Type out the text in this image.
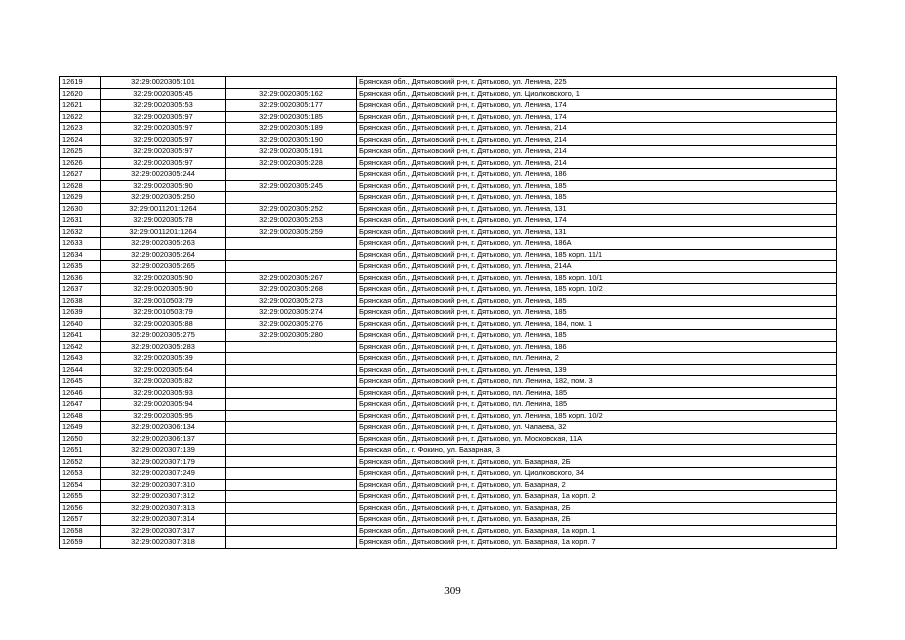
12619	32:29:0020305:101		Брянская обл., Дятьковский р-н, г. Дятьково, ул. Ленина, 225
12620	32:29:0020305:45	32:29:0020305:162	Брянская обл., Дятьковский р-н, г. Дятьково, ул. Циолковского, 1
12621	32:29:0020305:53	32:29:0020305:177	Брянская обл., Дятьковский р-н, г. Дятьково, ул. Ленина, 174
12622	32:29:0020305:97	32:29:0020305:185	Брянская обл., Дятьковский р-н, г. Дятьково, ул. Ленина, 174
12623	32:29:0020305:97	32:29:0020305:189	Брянская обл., Дятьковский р-н, г. Дятьково, ул. Ленина, 214
12624	32:29:0020305:97	32:29:0020305:190	Брянская обл., Дятьковский р-н, г. Дятьково, ул. Ленина, 214
12625	32:29:0020305:97	32:29:0020305:191	Брянская обл., Дятьковский р-н, г. Дятьково, ул. Ленина, 214
12626	32:29:0020305:97	32:29:0020305:228	Брянская обл., Дятьковский р-н, г. Дятьково, ул. Ленина, 214
12627	32:29:0020305:244		Брянская обл., Дятьковский р-н, г. Дятьково, ул. Ленина, 186
12628	32:29:0020305:90	32:29:0020305:245	Брянская обл., Дятьковский р-н, г. Дятьково, ул. Ленина, 185
12629	32:29:0020305:250		Брянская обл., Дятьковский р-н, г. Дятьково, ул. Ленина, 185
12630	32:29:0011201:1264	32:29:0020305:252	Брянская обл., Дятьковский р-н, г. Дятьково, ул. Ленина, 131
12631	32:29:0020305:78	32:29:0020305:253	Брянская обл., Дятьковский р-н, г. Дятьково, ул. Ленина, 174
12632	32:29:0011201:1264	32:29:0020305:259	Брянская обл., Дятьковский р-н, г. Дятьково, ул. Ленина, 131
12633	32:29:0020305:263		Брянская обл., Дятьковский р-н, г. Дятьково, ул. Ленина, 186А
12634	32:29:0020305:264		Брянская обл., Дятьковский р-н, г. Дятьково, ул. Ленина, 185 корп. 11/1
12635	32:29:0020305:265		Брянская обл., Дятьковский р-н, г. Дятьково, ул. Ленина, 214А
12636	32:29:0020305:90	32:29:0020305:267	Брянская обл., Дятьковский р-н, г. Дятьково, ул. Ленина, 185 корп. 10/1
12637	32:29:0020305:90	32:29:0020305:268	Брянская обл., Дятьковский р-н, г. Дятьково, ул. Ленина, 185 корп. 10/2
12638	32:29:0010503:79	32:29:0020305:273	Брянская обл., Дятьковский р-н, г. Дятьково, ул. Ленина, 185
12639	32:29:0010503:79	32:29:0020305:274	Брянская обл., Дятьковский р-н, г. Дятьково, ул. Ленина, 185
12640	32:29:0020305:88	32:29:0020305:276	Брянская обл., Дятьковский р-н, г. Дятьково, ул. Ленина, 184, пом. 1
12641	32:29:0020305:275	32:29:0020305:280	Брянская обл., Дятьковский р-н, г. Дятьково, ул. Ленина, 185
12642	32:29:0020305:283		Брянская обл., Дятьковский р-н, г. Дятьково, ул. Ленина, 186
12643	32:29:0020305:39		Брянская обл., Дятьковский р-н, г. Дятьково, пл. Ленина, 2
12644	32:29:0020305:64		Брянская обл., Дятьковский р-н, г. Дятьково, ул. Ленина, 139
12645	32:29:0020305:82		Брянская обл., Дятьковский р-н, г. Дятьково, пл. Ленина, 182, пом. 3
12646	32:29:0020305:93		Брянская обл., Дятьковский р-н, г. Дятьково, пл. Ленина, 185
12647	32:29:0020305:94		Брянская обл., Дятьковский р-н, г. Дятьково, пл. Ленина, 185
12648	32:29:0020305:95		Брянская обл., Дятьковский р-н, г. Дятьково, ул. Ленина, 185 корп. 10/2
12649	32:29:0020306:134		Брянская обл., Дятьковский р-н, г. Дятьково, ул. Чапаева, 32
12650	32:29:0020306:137		Брянская обл., Дятьковский р-н, г. Дятьково, ул. Московская, 11А
12651	32:29:0020307:139		Брянская обл., г. Фокино, ул. Базарная, 3
12652	32:29:0020307:179		Брянская обл., Дятьковский р-н, г. Дятьково, ул. Базарная, 2Б
12653	32:29:0020307:249		Брянская обл., Дятьковский р-н, г. Дятьково, ул. Циолковского, 34
12654	32:29:0020307:310		Брянская обл., Дятьковский р-н, г. Дятьково, ул. Базарная, 2
12655	32:29:0020307:312		Брянская обл., Дятьковский р-н, г. Дятьково, ул. Базарная, 1а корп. 2
12656	32:29:0020307:313		Брянская обл., Дятьковский р-н, г. Дятьково, ул. Базарная, 2Б
12657	32:29:0020307:314		Брянская обл., Дятьковский р-н, г. Дятьково, ул. Базарная, 2Б
12658	32:29:0020307:317		Брянская обл., Дятьковский р-н, г. Дятьково, ул. Базарная, 1а корп. 1
12659	32:29:0020307:318		Брянская обл., Дятьковский р-н, г. Дятьково, ул. Базарная, 1а корп. 7
309
